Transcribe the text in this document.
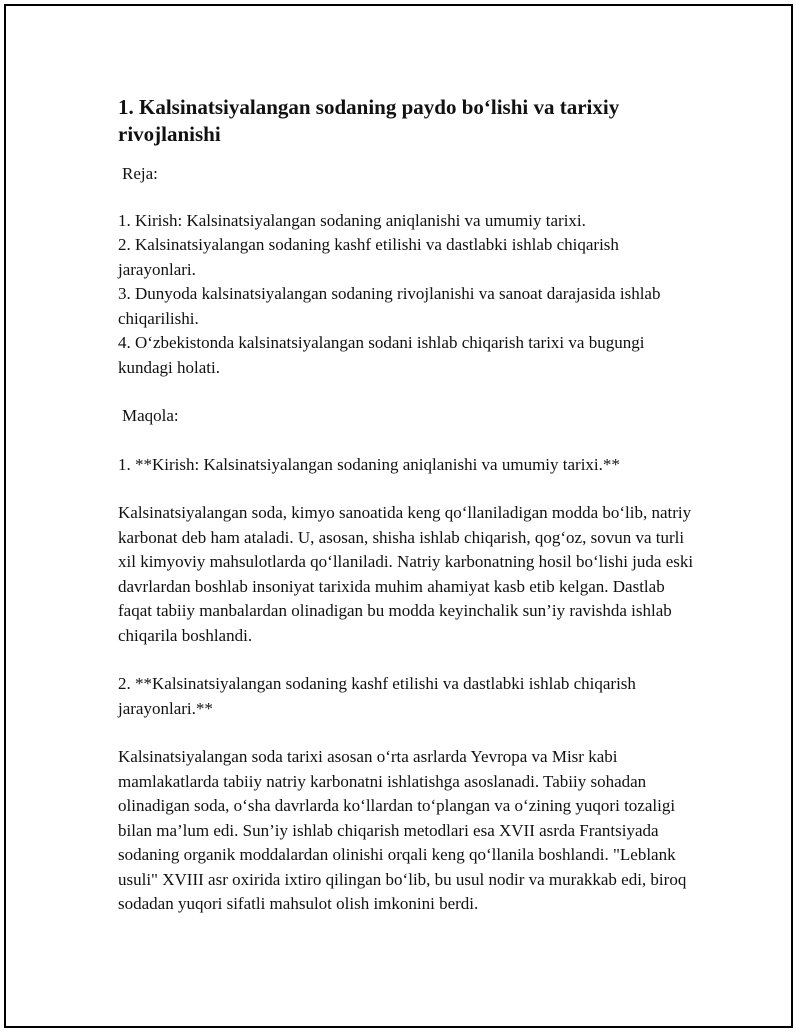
1. Kalsinatsiyalangan sodaning paydo bo‘lishi va tarixiy rivojlanishi

Reja:

1. Kirish: Kalsinatsiyalangan sodaning aniqlanishi va umumiy tarixi.
2. Kalsinatsiyalangan sodaning kashf etilishi va dastlabki ishlab chiqarish jarayonlari.
3. Dunyoda kalsinatsiyalangan sodaning rivojlanishi va sanoat darajasida ishlab chiqarilishi.
4. O‘zbekistonda kalsinatsiyalangan sodani ishlab chiqarish tarixi va bugungi kundagi holati.

Maqola:

1. **Kirish: Kalsinatsiyalangan sodaning aniqlanishi va umumiy tarixi.**

Kalsinatsiyalangan soda, kimyo sanoatida keng qo‘llaniladigan modda bo‘lib, natriy karbonat deb ham ataladi. U, asosan, shisha ishlab chiqarish, qog‘oz, sovun va turli xil kimyoviy mahsulotlarda qo‘llaniladi. Natriy karbonatning hosil bo‘lishi juda eski davrlardan boshlab insoniyat tarixida muhim ahamiyat kasb etib kelgan. Dastlab faqat tabiiy manbalardan olinadigan bu modda keyinchalik sun’iy ravishda ishlab chiqarila boshlandi.

2. **Kalsinatsiyalangan sodaning kashf etilishi va dastlabki ishlab chiqarish jarayonlari.**

Kalsinatsiyalangan soda tarixi asosan o‘rta asrlarda Yevropa va Misr kabi mamlakatlarda tabiiy natriy karbonatni ishlatishga asoslanadi. Tabiiy sohadan olinadigan soda, o‘sha davrlarda ko‘llardan to‘plangan va o‘zining yuqori tozaligi bilan ma’lum edi. Sun’iy ishlab chiqarish metodlari esa XVII asrda Frantsiyada sodaning organik moddalardan olinishi orqali keng qo‘llanila boshlandi. "Leblank usuli" XVIII asr oxirida ixtiro qilingan bo‘lib, bu usul nodir va murakkab edi, biroq sodadan yuqori sifatli mahsulot olish imkonini berdi.
